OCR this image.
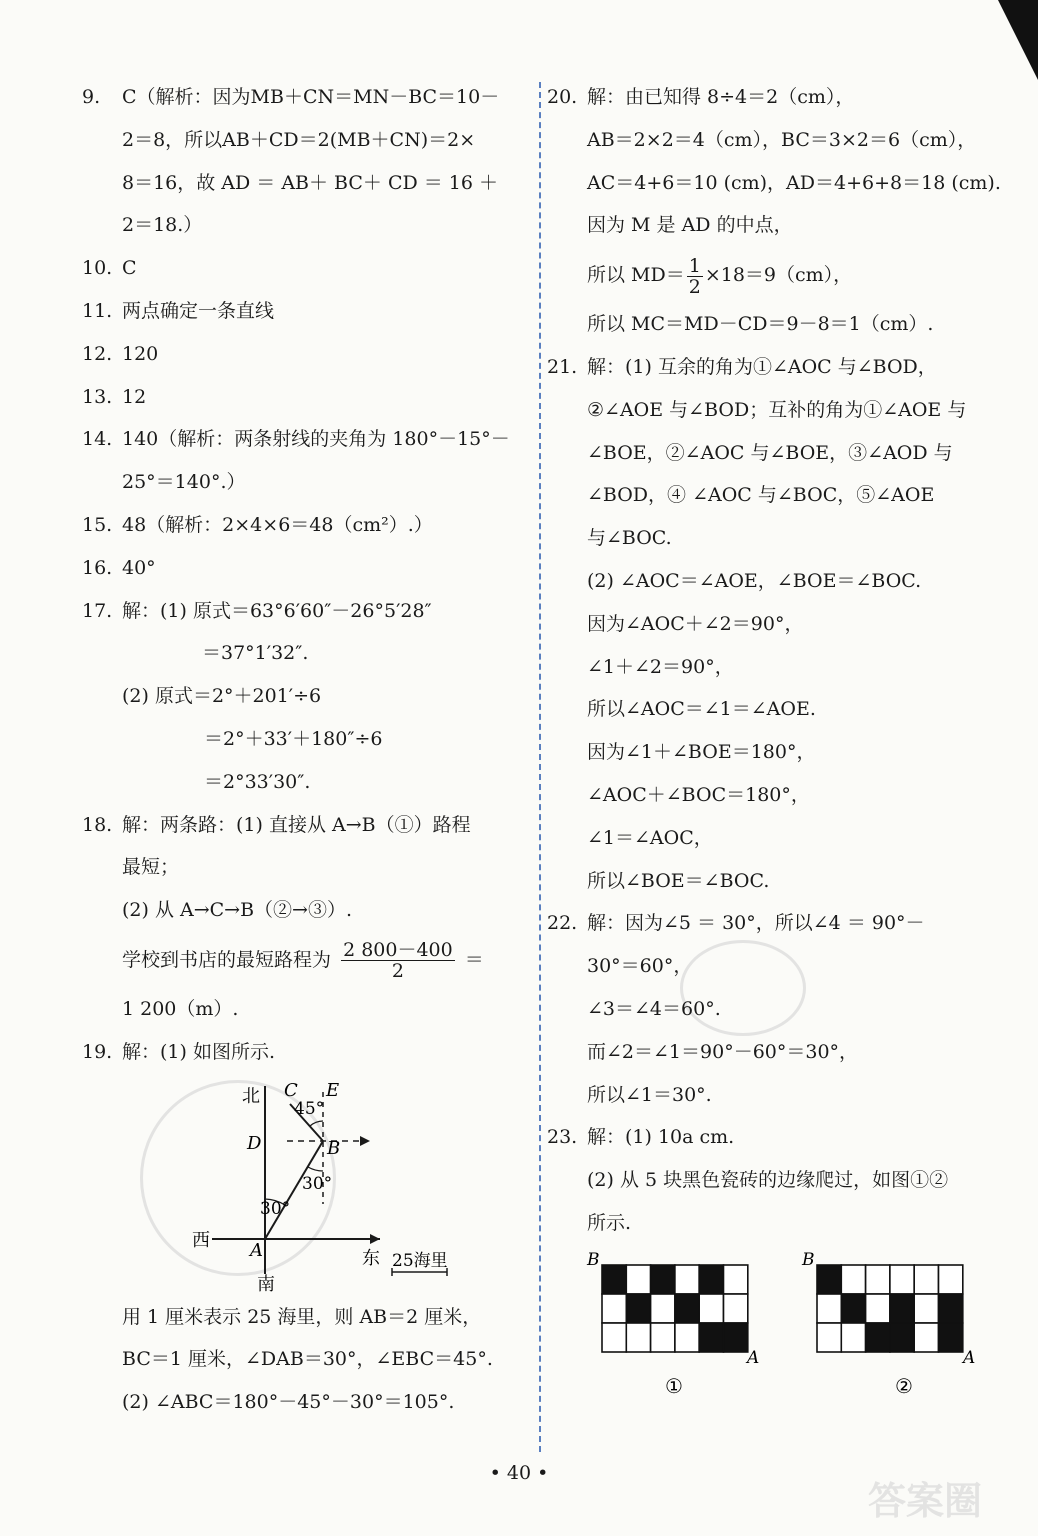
9. C（解析：因为MB＋CN＝MN－BC＝10－
2＝8，所以AB＋CD＝2(MB＋CN)＝2×
8＝16，故 AD ＝ AB＋ BC＋ CD ＝ 16 ＋
2＝18.）
10. C
11. 两点确定一条直线
12. 120
13. 12
14. 140（解析：两条射线的夹角为 180°－15°－
25°＝140°.）
15. 48（解析：2×4×6＝48（cm²）.）
16. 40°
17. 解：(1) 原式＝63°6′60″－26°5′28″
＝37°1′32″.
(2) 原式＝2°＋201′÷6
＝2°＋33′＋180″÷6
＝2°33′30″.
18. 解：两条路：(1) 直接从 A→B（①）路程
最短；
(2) 从 A→C→B（②→③）.
学校到书店的最短路程为 $\frac{2 800-400}{2}$ ＝
1 200（m）.
19. 解：(1) 如图所示.
北
南
西
东
C E
D	B
A
45°
30°
30°
25海里
用 1 厘米表示 25 海里，则 AB＝2 厘米，
BC＝1 厘米，∠DAB＝30°，∠EBC＝45°.
(2) ∠ABC＝180°－45°－30°＝105°.
20. 解：由已知得 8÷4＝2（cm），
AB＝2×2＝4（cm），BC＝3×2＝6（cm），
AC＝4+6＝10 (cm)，AD＝4+6+8＝18 (cm).
因为 M 是 AD 的中点，
所以 $MD= \frac{1}{2} \times 18=9(cm)$，
所以 MC＝MD－CD＝9－8＝1（cm）.
21. 解：(1) 互余的角为①∠AOC 与∠BOD，
②∠AOE 与∠BOD；互补的角为①∠AOE 与
∠BOE，②∠AOC 与∠BOE，③∠AOD 与
∠BOD，④ ∠AOC 与∠BOC，⑤∠AOE
与∠BOC.
(2) ∠AOC＝∠AOE，∠BOE＝∠BOC.
因为∠AOC＋∠2＝90°，
∠1＋∠2＝90°，
所以∠AOC＝∠1＝∠AOE.
因为∠1＋∠BOE＝180°，
∠AOC＋∠BOC＝180°，
∠1＝∠AOC，
所以∠BOE＝∠BOC.
22. 解：因为∠5 ＝ 30°，所以∠4 ＝ 90°－
30°＝60°，
∠3＝∠4＝60°.
而∠2＝∠1＝90°－60°＝30°，
所以∠1＝30°.
23. 解：(1) 10a cm.
(2) 从 5 块黑色瓷砖的边缘爬过，如图①②
所示.
B
A
①
B
A
②
• 40 •
答案圈
